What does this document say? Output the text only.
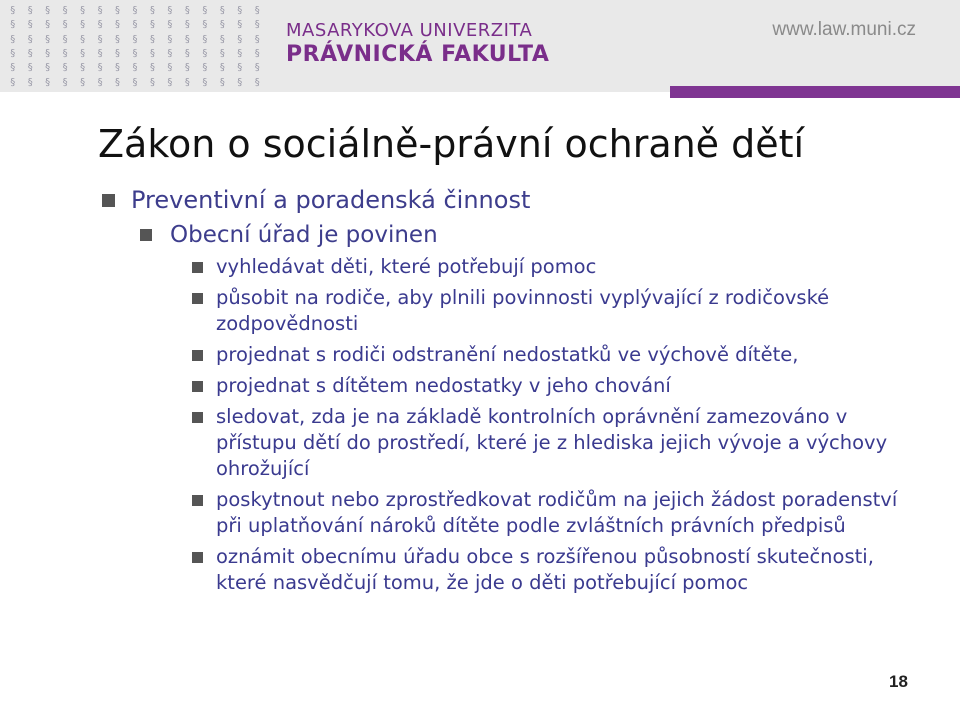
§	§	§	§	§	§	§	§	§	§	§	§	§	§	§
§	§	§	§	§	§	§	§	§	§	§	§	§	§	§
§	§	§	§	§	§	§	§	§	§	§	§	§	§	§
§	§	§	§	§	§	§	§	§	§	§	§	§	§	§
§	§	§	§	§	§	§	§	§	§	§	§	§	§	§
§	§	§	§	§	§	§	§	§	§	§	§	§	§	§
MASARYKOVA UNIVERZITA
PRÁVNICKÁ FAKULTA
www.law.muni.cz
Zákon o sociálně-právní ochraně dětí
Preventivní a poradenská činnost
Obecní úřad je povinen
vyhledávat děti, které potřebují pomoc
působit na rodiče, aby plnili povinnosti vyplývající z rodičovské zodpovědnosti
projednat s rodiči odstranění nedostatků ve výchově dítěte,
projednat s dítětem nedostatky v jeho chování
sledovat, zda je na základě kontrolních oprávnění zamezováno v přístupu dětí do prostředí, které je z hlediska jejich vývoje a výchovy ohrožující
poskytnout nebo zprostředkovat rodičům na jejich žádost poradenství při uplatňování nároků dítěte podle zvláštních právních předpisů
oznámit obecnímu úřadu obce s rozšířenou působností skutečnosti, které nasvědčují tomu, že jde o děti potřebující pomoc
18
